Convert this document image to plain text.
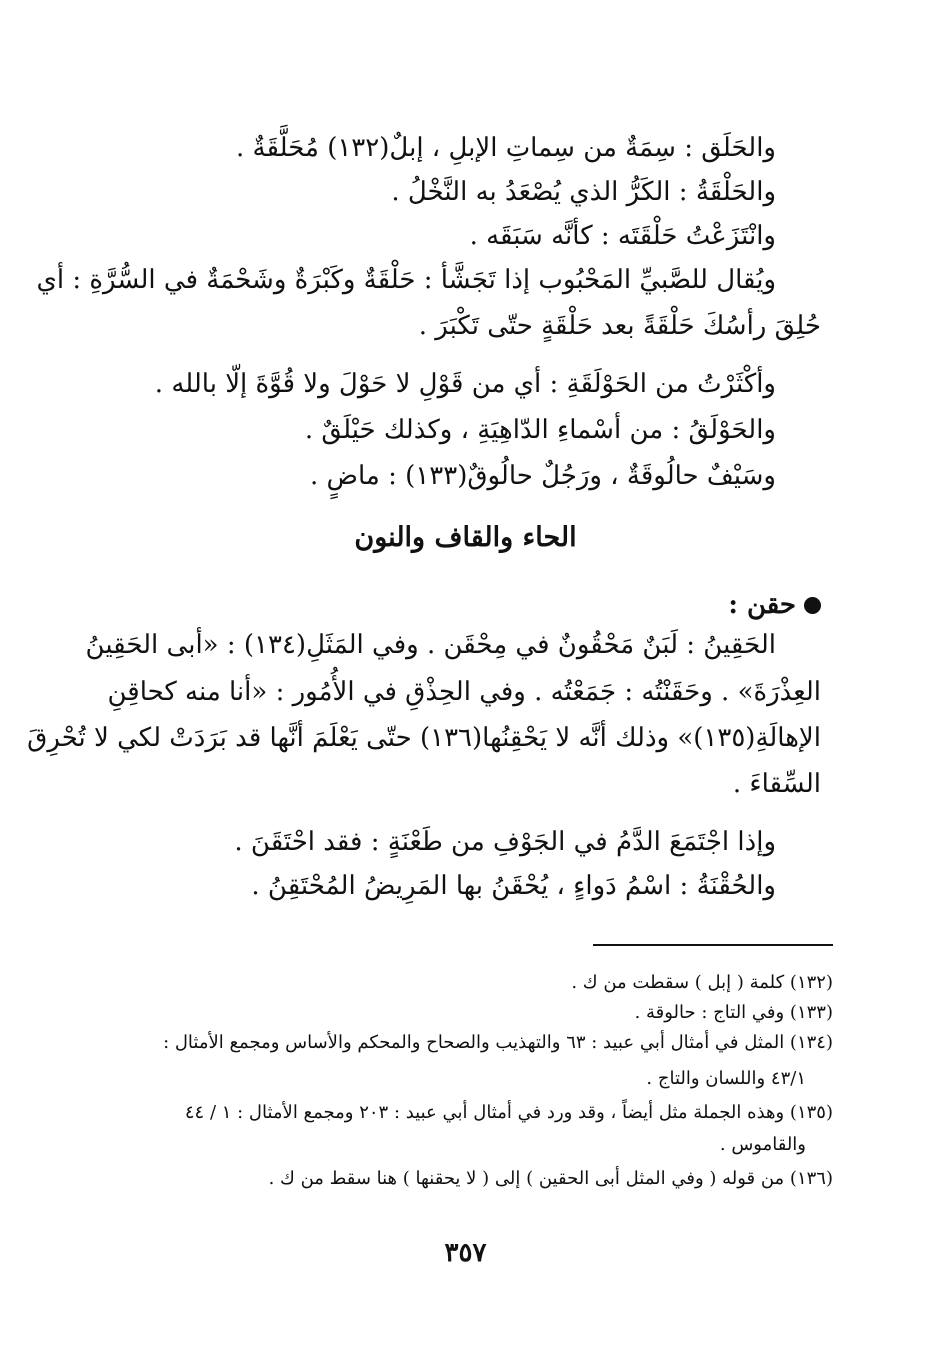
والحَلَق : سِمَةٌ من سِماتِ الإبلِ ، إبلٌ(١٣٢) مُحَلَّقَةٌ .
والحَلْقَةُ : الكَرُّ الذي يُصْعَدُ به النَّخْلُ .
وانْتَزَعْتُ حَلْقَتَه : كأنَّه سَبَقَه .
ويُقال للصَّبيِّ المَحْبُوب إذا تَجَشَّأ : حَلْقَةٌ وكَبْرَةٌ وشَحْمَةٌ في السُّرَّةِ : أي
حُلِقَ رأسُكَ حَلْقَةً بعد حَلْقَةٍ حتّى تَكْبَرَ .
وأكْثَرْتُ من الحَوْلَقَةِ : أي من قَوْلِ لا حَوْلَ ولا قُوَّةَ إلّا بالله .
والحَوْلَقُ : من أسْماءِ الدّاهِيَةِ ، وكذلك حَيْلَقٌ .
وسَيْفٌ حالُوقَةٌ ، ورَجُلٌ حالُوقٌ(١٣٣) : ماضٍ .
الحاء والقاف والنون
حقن :
الحَقِينُ : لَبَنٌ مَحْقُونٌ في مِحْقَن . وفي المَثَلِ(١٣٤) : «أبى الحَقِينُ
العِذْرَةَ» . وحَقَنْتُه : جَمَعْتُه . وفي الحِذْقِ في الأُمُور : «أنا منه كحاقِنِ
الإهالَةِ(١٣٥)» وذلك أنَّه لا يَحْقِنُها(١٣٦) حتّى يَعْلَمَ أنَّها قد بَرَدَتْ لكي لا تُحْرِقَ
السِّقاءَ .
وإذا اجْتَمَعَ الدَّمُ في الجَوْفِ من طَعْنَةٍ : فقد احْتَقَنَ .
والحُقْنَةُ : اسْمُ دَواءٍ ، يُحْقَنُ بها المَرِيضُ المُحْتَقِنُ .
(١٣٢) كلمة ( إبل ) سقطت من ك .
(١٣٣) وفي التاج : حالوقة .
(١٣٤) المثل في أمثال أبي عبيد : ٦٣ والتهذيب والصحاح والمحكم والأساس ومجمع الأمثال :
٤٣/١ واللسان والتاج .
(١٣٥) وهذه الجملة مثل أيضاً ، وقد ورد في أمثال أبي عبيد : ٢٠٣ ومجمع الأمثال : ١ / ٤٤
والقاموس .
(١٣٦) من قوله ( وفي المثل أبى الحقين ) إلى ( لا يحقنها ) هنا سقط من ك .
٣٥٧
